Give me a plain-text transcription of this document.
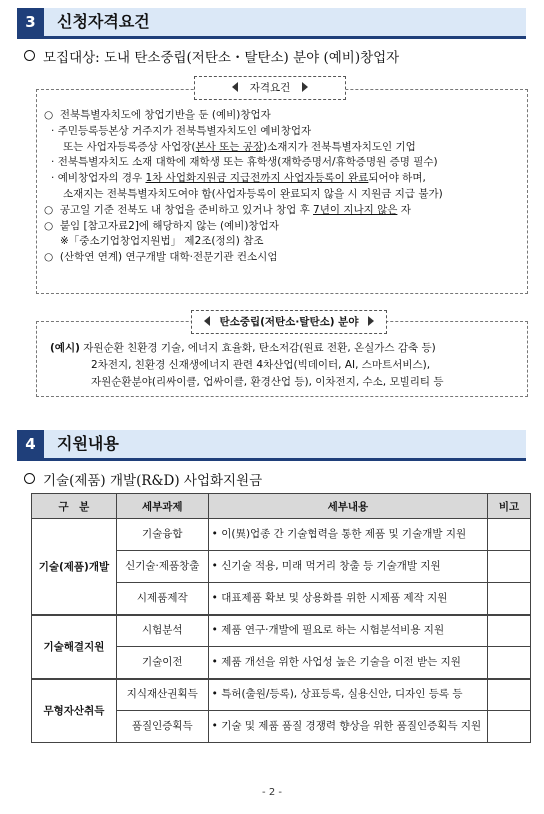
3	신청자격요건
모집대상: 도내 탄소중립(저탄소・탈탄소) 분야 (예비)창업자
자격요건
○ 전북특별자치도에 창업기반을 둔 (예비)창업자
· 주민등록등본상 거주지가 전북특별자치도인 예비창업자
또는 사업자등록증상 사업장(본사 또는 공장)소재지가 전북특별자치도인 기업
· 전북특별자치도 소재 대학에 재학생 또는 휴학생(재학증명서/휴학증명원 증명 필수)
· 예비창업자의 경우 1차 사업화지원금 지급전까지 사업자등록이 완료되어야 하며,
소재지는 전북특별자치도여야 함(사업자등록이 완료되지 않을 시 지원금 지급 불가)
○ 공고일 기준 전북도 내 창업을 준비하고 있거나 창업 후 7년이 지나지 않은 자
○ 붙임 [참고자료2]에 해당하지 않는 (예비)창업자
※「중소기업창업지원법」 제2조(정의) 참조
○ (산학연 연계) 연구개발 대학·전문기관 컨소시엄
탄소중립(저탄소·탈탄소) 분야
(예시) 자원순환 친환경 기술, 에너지 효율화, 탄소저감(원료 전환, 온실가스 감축 등)
2차전지, 친환경 신재생에너지 관련 4차산업(빅데이터, AI, 스마트서비스),
자원순환분야(리싸이클, 업싸이클, 환경산업 등), 이차전지, 수소, 모빌리티 등
4	지원내용
기술(제품) 개발(R&D) 사업화지원금
구　분	세부과제	세부내용	비고
기술(제품)개발	기술융합	• 이(異)업종 간 기술협력을 통한 제품 및 기술개발 지원	
	신기술·제품창출	• 신기술 적용, 미래 먹거리 창출 등 기술개발 지원	
	시제품제작	• 대표제품 확보 및 상용화를 위한 시제품 제작 지원	
기술해결지원	시험분석	• 제품 연구·개발에 필요로 하는 시험분석비용 지원	
	기술이전	• 제품 개선을 위한 사업성 높은 기술을 이전 받는 지원	
무형자산취득	지식재산권획득	• 특허(출원/등록), 상표등록, 실용신안, 디자인 등록 등	
	품질인증획득	• 기술 및 제품 품질 경쟁력 향상을 위한 품질인증획득 지원	
- 2 -
